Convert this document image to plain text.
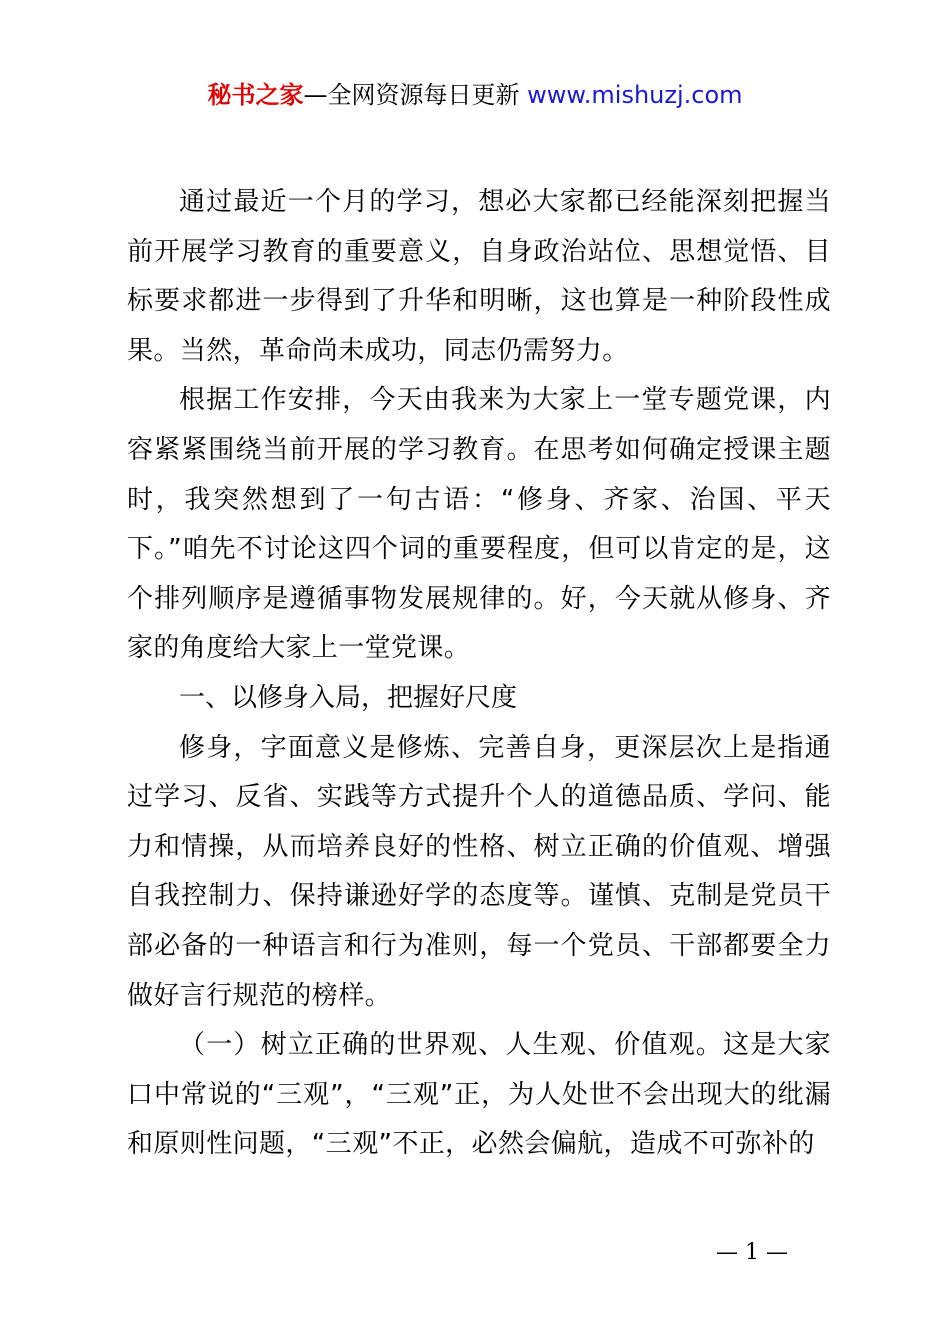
秘书之家—全网资源每日更新 www.mishuzj.com

通过最近一个月的学习，想必大家都已经能深刻把握当前开展学习教育的重要意义，自身政治站位、思想觉悟、目标要求都进一步得到了升华和明晰，这也算是一种阶段性成果。当然，革命尚未成功，同志仍需努力。

根据工作安排，今天由我来为大家上一堂专题党课，内容紧紧围绕当前开展的学习教育。在思考如何确定授课主题时，我突然想到了一句古语：“修身、齐家、治国、平天下。”咱先不讨论这四个词的重要程度，但可以肯定的是，这个排列顺序是遵循事物发展规律的。好，今天就从修身、齐家的角度给大家上一堂党课。

一、以修身入局，把握好尺度

修身，字面意义是修炼、完善自身，更深层次上是指通过学习、反省、实践等方式提升个人的道德品质、学问、能力和情操，从而培养良好的性格、树立正确的价值观、增强自我控制力、保持谦逊好学的态度等。谨慎、克制是党员干部必备的一种语言和行为准则，每一个党员、干部都要全力做好言行规范的榜样。

（一）树立正确的世界观、人生观、价值观。这是大家口中常说的“三观”，“三观”正，为人处世不会出现大的纰漏和原则性问题，“三观”不正，必然会偏航，造成不可弥补的

— 1 —
